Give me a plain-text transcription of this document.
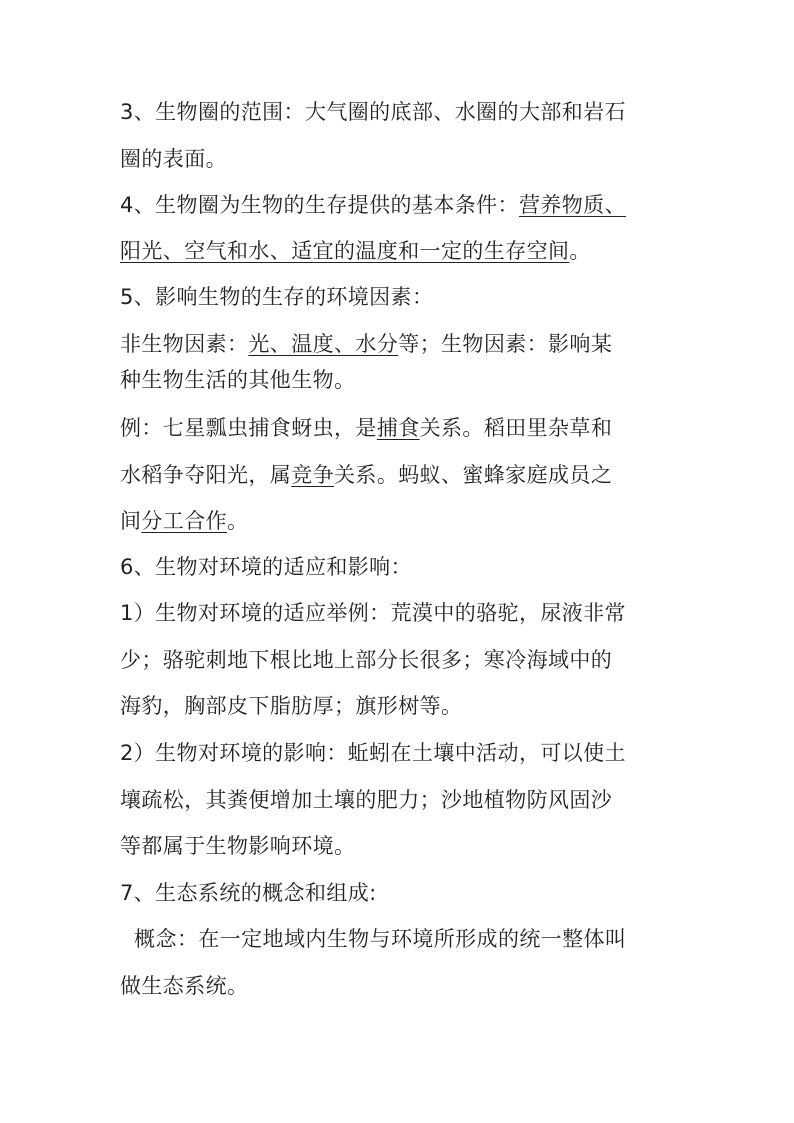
3、生物圈的范围：大气圈的底部、水圈的大部和岩石
圈的表面。
4、生物圈为生物的生存提供的基本条件：营养物质、
阳光、空气和水、适宜的温度和一定的生存空间。
5、影响生物的生存的环境因素：
非生物因素：光、温度、水分等；生物因素：影响某
种生物生活的其他生物。
例：七星瓢虫捕食蚜虫，是捕食关系。稻田里杂草和
水稻争夺阳光，属竞争关系。蚂蚁、蜜蜂家庭成员之
间分工合作。
6、生物对环境的适应和影响：
1）生物对环境的适应举例：荒漠中的骆驼，尿液非常
少；骆驼刺地下根比地上部分长很多；寒冷海域中的
海豹，胸部皮下脂肪厚；旗形树等。
2）生物对环境的影响：蚯蚓在土壤中活动，可以使土
壤疏松，其粪便增加土壤的肥力；沙地植物防风固沙
等都属于生物影响环境。
7、生态系统的概念和组成:
概念：在一定地域内生物与环境所形成的统一整体叫
做生态系统。
